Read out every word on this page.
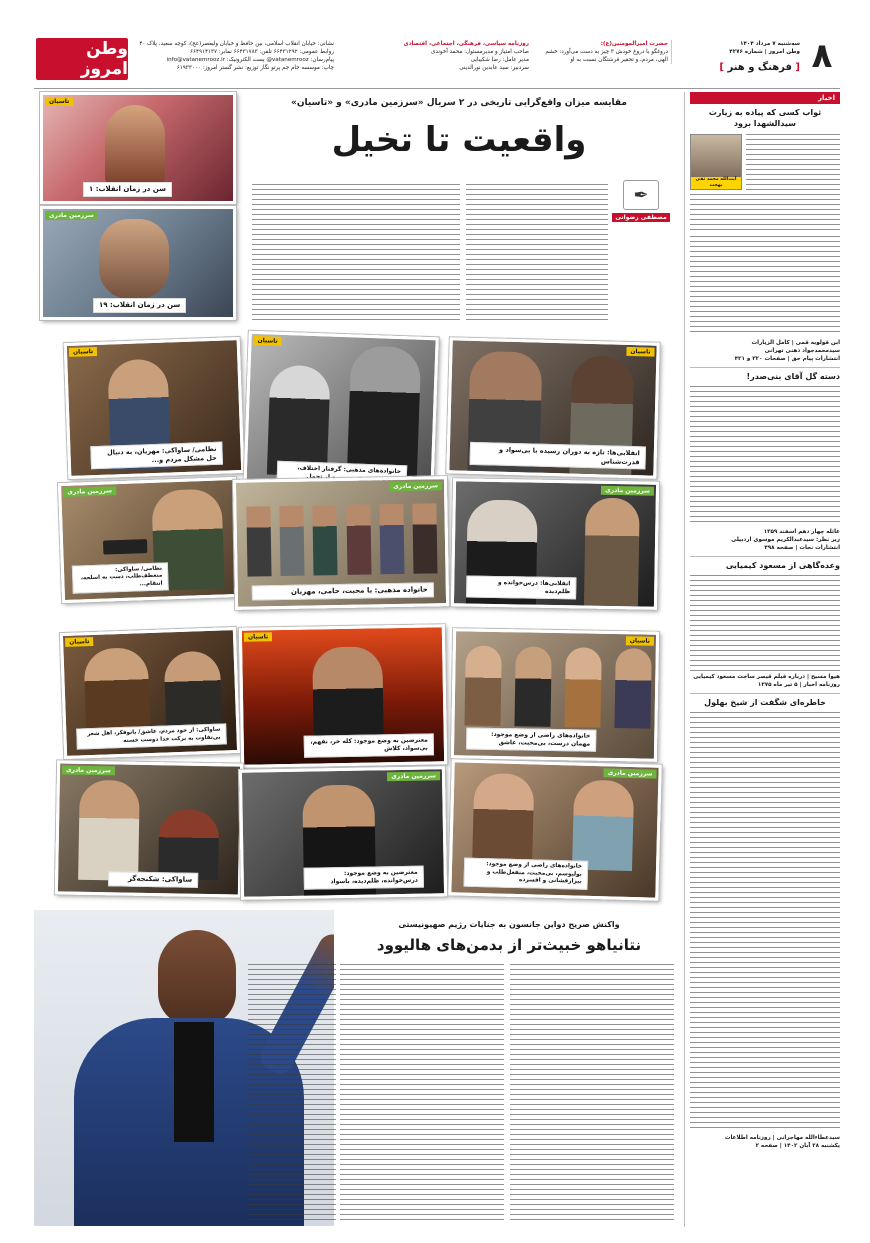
وطن امروز
نشانی: خیابان انقلاب اسلامی، بین حافظ و خیابان ولیعصر(عج)، کوچه سعید، پلاک ۴۰
روابط عمومی: ۶۶۴۳۱۲۹۲ تلفن: ۶۶۴۳۱۷۸۳ نمابر: ۶۶۴۹۱۴۱۳۷
پیام‌رسان: vatanemrooz@ پست الکترونیک: info@vatanemrooz.ir
چاپ: موسسه جام جم پرتو نگار توزیع: نشر گستر امروز: ۶۱۹۳۳۰۰۰
روزنامه سیاسی، فرهنگی، اجتماعی، اقتصادی
صاحب امتیاز و مدیرمسئول: محمد آخوندی
مدیر عامل: رضا شکیبایی
سردبیر: سید عابدین نورالدینی
حضرت امیرالمومنین(ع):
دروغگو با دروغ خودش ۳ چیز به دست می‌آورد: خشم الهی، مردم، و تحقیر فرشتگان نسبت به او	۸
سه‌شنبه ۷ مرداد ۱۴۰۴
وطن امروز | شماره ۴۲۷۶
[ فرهنگ و هنر ]
اخبار
ثواب کسی که پیاده به زیارت سیدالشهدا برود
آیت‌الله محمد تقی بهجت
ابن قولویه قمی | کامل الزیارات
سیدمحمدجواد ذهنی تهرانی
انتشارات پیام حق | صفحات ۳۲۰ و ۴۲۱
دسته گل آقای بنی‌صدر!
عائله چهار دهم اسفند ۱۳۵۹
زیر نظر: سیدعبدالکریم موسوی اردبیلی
انتشارات نجات | صفحه ۴۹۸
وعده‌گاهی از مسعود کیمیایی
هیوا مسیح | درباره فیلم قیصر ساخت مسعود کیمیایی
روزنامه اخبار | ۵ تیر ماه ۱۳۷۵
خاطره‌ای شگفت از شیخ بهلول
سیدعطاءالله مهاجرانی | روزنامه اطلاعات
یکشنبه ۲۸ آبان ۱۴۰۲ | صفحه ۲
مقایسه میزان واقع‌گرایی تاریخی در ۲ سریال «سرزمین مادری» و «تاسیان»
واقعیت تا تخیل
✒
مصطفی رضوانی
تاسیان
سن در زمان انقلاب: ۱
سرزمین مادری
سن در زمان انقلاب: ۱۹
تاسیان
نظامی/ ساواکی: مهربان، به دنبال حل مشکل مردم و...
تاسیان
خانواده‌های مذهبی: گرفتار اختلاف، تحمل
تاسیان
انقلابی‌ها: تازه به دوران رسیده با بی‌سواد و قدرت‌شناس
سرزمین مادری
نظامی/ ساواکی: منعطف‌طلب، دست به اسلحه، انتقام...
سرزمین مادری
خانواده مذهبی: با محبت، حامی، مهربان
سرزمین مادری
انقلابی‌ها: درس‌خوانده و ظلم‌دیده
تاسیان
ساواکی: از خود مردم، عاشق/ بانوفکر، اهل شعر بی‌تفاوت به برکت خدا دوست خسته
تاسیان
معترضین به وضع موجود: کله خر، نفهم، بی‌سواد، کلاش
تاسیان
خانواده‌های راضی از وضع موجود: مهمان درست، بی‌محبت، عاشق
سرزمین مادری
ساواکی: شکنجه‌گر
سرزمین مادری
معترضین به وضع موجود: درس‌خوانده، ظلم‌دیده، باسواد
سرزمین مادری
خانواده‌های راضی از وضع موجود: بولیوسم، بی‌محبت، منفعل‌طلب و بیزارفشانی و اقسرده
واکنش صریح دواین جانسون به جنایات رژیم صهیونیستی
نتانیاهو خبیث‌تر از بدمن‌های هالیوود
